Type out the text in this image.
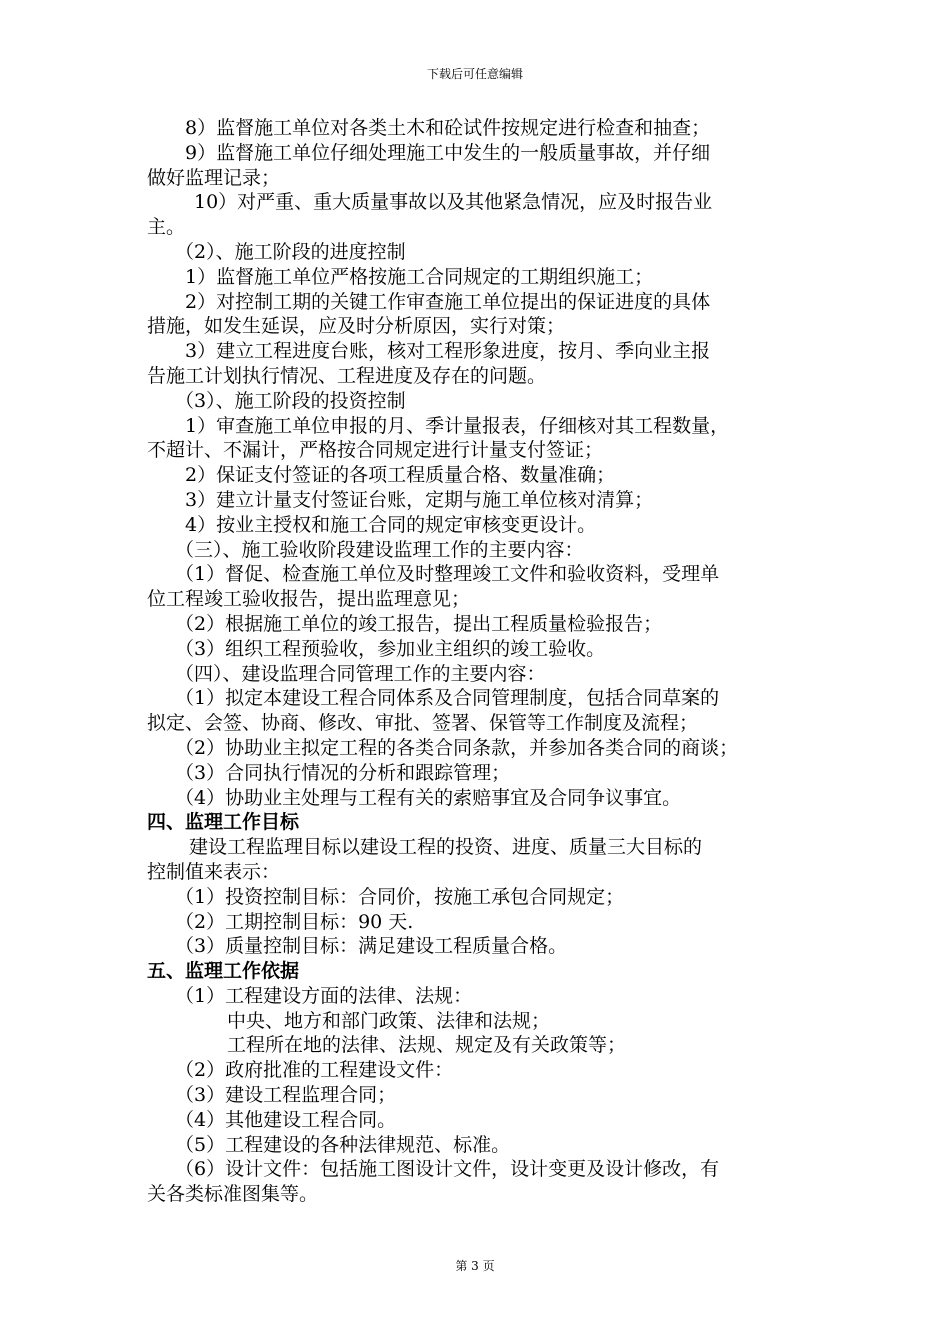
下载后可任意编辑
8）监督施工单位对各类土木和砼试件按规定进行检查和抽查；
9）监督施工单位仔细处理施工中发生的一般质量事故，并仔细
做好监理记录；
10）对严重、重大质量事故以及其他紧急情况，应及时报告业
主。
（2）、施工阶段的进度控制
1）监督施工单位严格按施工合同规定的工期组织施工；
2）对控制工期的关键工作审查施工单位提出的保证进度的具体
措施，如发生延误，应及时分析原因，实行对策；
3）建立工程进度台账，核对工程形象进度，按月、季向业主报
告施工计划执行情况、工程进度及存在的问题。
（3）、施工阶段的投资控制
1）审查施工单位申报的月、季计量报表，仔细核对其工程数量，
不超计、不漏计，严格按合同规定进行计量支付签证；
2）保证支付签证的各项工程质量合格、数量准确；
3）建立计量支付签证台账，定期与施工单位核对清算；
4）按业主授权和施工合同的规定审核变更设计。
（三）、施工验收阶段建设监理工作的主要内容：
（1）督促、检查施工单位及时整理竣工文件和验收资料，受理单
位工程竣工验收报告，提出监理意见；
（2）根据施工单位的竣工报告，提出工程质量检验报告；
（3）组织工程预验收，参加业主组织的竣工验收。
（四）、建设监理合同管理工作的主要内容：
（1）拟定本建设工程合同体系及合同管理制度，包括合同草案的
拟定、会签、协商、修改、审批、签署、保管等工作制度及流程；
（2）协助业主拟定工程的各类合同条款，并参加各类合同的商谈；
（3）合同执行情况的分析和跟踪管理；
（4）协助业主处理与工程有关的索赔事宜及合同争议事宜。
四、监理工作目标
建设工程监理目标以建设工程的投资、进度、质量三大目标的
控制值来表示：
（1）投资控制目标：合同价，按施工承包合同规定；
（2）工期控制目标：90 天.
（3）质量控制目标：满足建设工程质量合格。
五、监理工作依据
（1）工程建设方面的法律、法规：
中央、地方和部门政策、法律和法规；
工程所在地的法律、法规、规定及有关政策等；
（2）政府批准的工程建设文件：
（3）建设工程监理合同；
（4）其他建设工程合同。
（5）工程建设的各种法律规范、标准。
（6）设计文件：包括施工图设计文件，设计变更及设计修改，有
关各类标准图集等。
第 3 页
